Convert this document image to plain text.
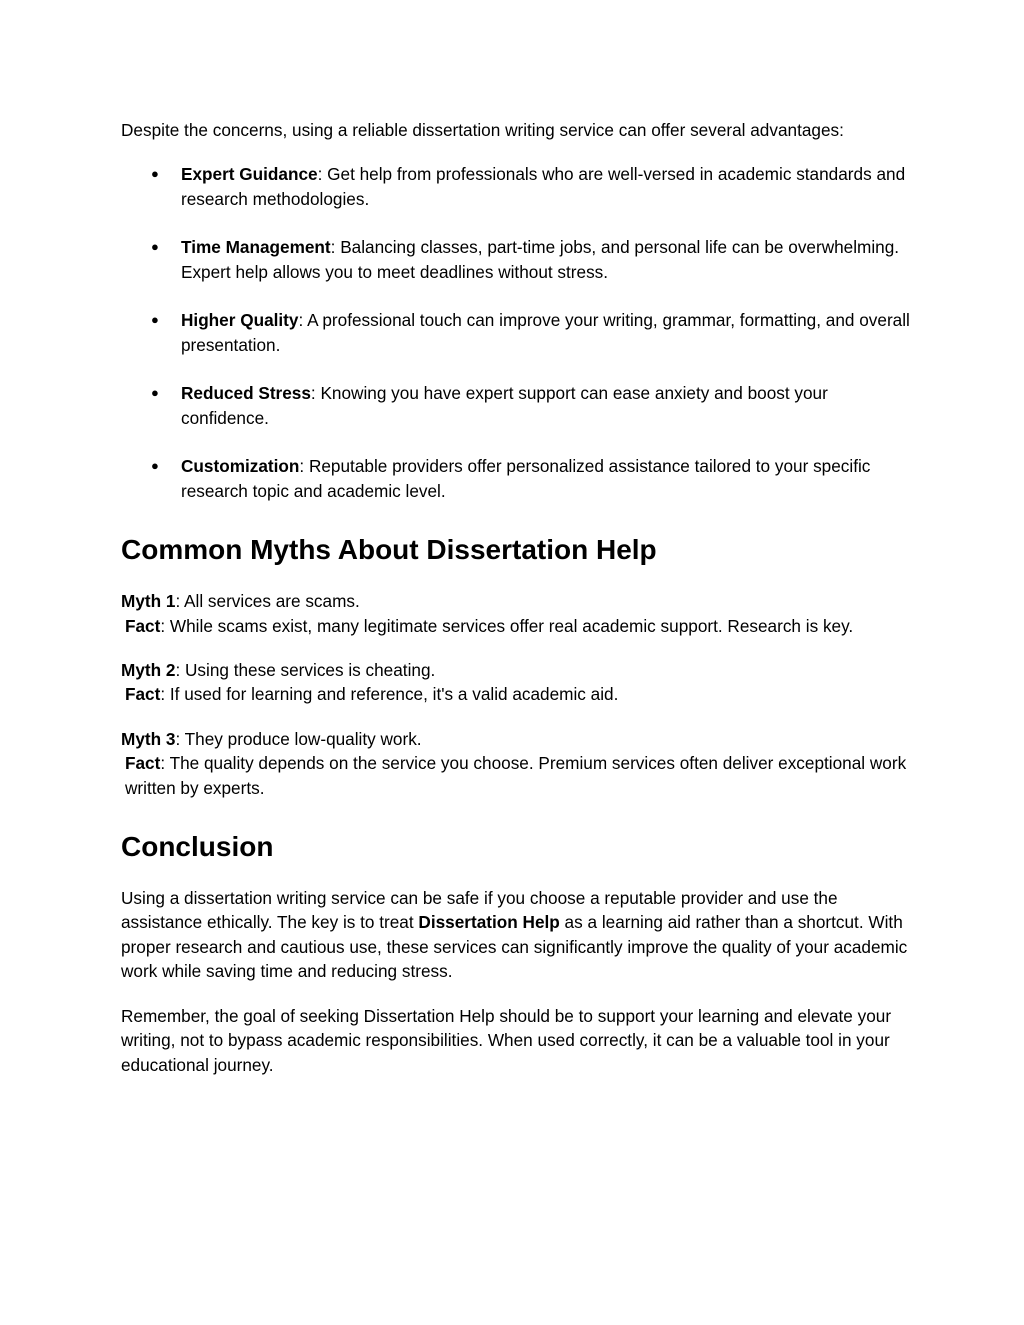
Despite the concerns, using a reliable dissertation writing service can offer several advantages:

● Expert Guidance: Get help from professionals who are well-versed in academic standards and research methodologies.
● Time Management: Balancing classes, part-time jobs, and personal life can be overwhelming. Expert help allows you to meet deadlines without stress.
● Higher Quality: A professional touch can improve your writing, grammar, formatting, and overall presentation.
● Reduced Stress: Knowing you have expert support can ease anxiety and boost your confidence.
● Customization: Reputable providers offer personalized assistance tailored to your specific research topic and academic level.
Common Myths About Dissertation Help

Myth 1: All services are scams.

Fact: While scams exist, many legitimate services offer real academic support. Research is key.

Myth 2: Using these services is cheating.

Fact: If used for learning and reference, it's a valid academic aid.

Myth 3: They produce low-quality work.

Fact: The quality depends on the service you choose. Premium services often deliver exceptional work written by experts.

Conclusion

Using a dissertation writing service can be safe if you choose a reputable provider and use the assistance ethically. The key is to treat Dissertation Help as a learning aid rather than a shortcut. With proper research and cautious use, these services can significantly improve the quality of your academic work while saving time and reducing stress.

Remember, the goal of seeking Dissertation Help should be to support your learning and elevate your writing, not to bypass academic responsibilities. When used correctly, it can be a valuable tool in your educational journey.
